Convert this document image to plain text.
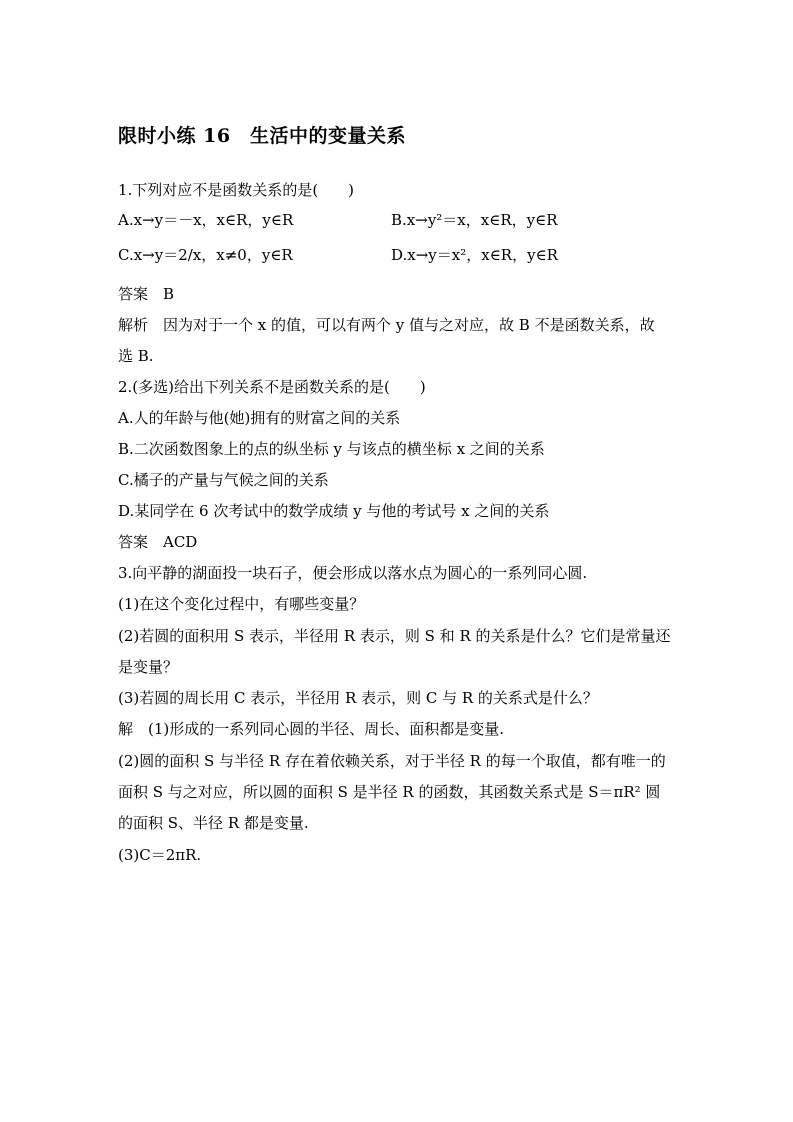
限时小练 16　生活中的变量关系
1.下列对应不是函数关系的是(　　)
A.x→y＝－x，x∈R，y∈R	B.x→y²＝x，x∈R，y∈R
C.x→y＝2/x，x≠0，y∈R	D.x→y＝x²，x∈R，y∈R
答案　B
解析　因为对于一个 x 的值，可以有两个 y 值与之对应，故 B 不是函数关系，故
选 B.
2.(多选)给出下列关系不是函数关系的是(　　)
A.人的年龄与他(她)拥有的财富之间的关系
B.二次函数图象上的点的纵坐标 y 与该点的横坐标 x 之间的关系
C.橘子的产量与气候之间的关系
D.某同学在 6 次考试中的数学成绩 y 与他的考试号 x 之间的关系
答案　ACD
3.向平静的湖面投一块石子，便会形成以落水点为圆心的一系列同心圆.
(1)在这个变化过程中，有哪些变量？
(2)若圆的面积用 S 表示，半径用 R 表示，则 S 和 R 的关系是什么？它们是常量还
是变量？
(3)若圆的周长用 C 表示，半径用 R 表示，则 C 与 R 的关系式是什么？
解　(1)形成的一系列同心圆的半径、周长、面积都是变量.
(2)圆的面积 S 与半径 R 存在着依赖关系，对于半径 R 的每一个取值，都有唯一的
面积 S 与之对应，所以圆的面积 S 是半径 R 的函数，其函数关系式是 S＝πR² 圆
的面积 S、半径 R 都是变量.
(3)C＝2πR.
